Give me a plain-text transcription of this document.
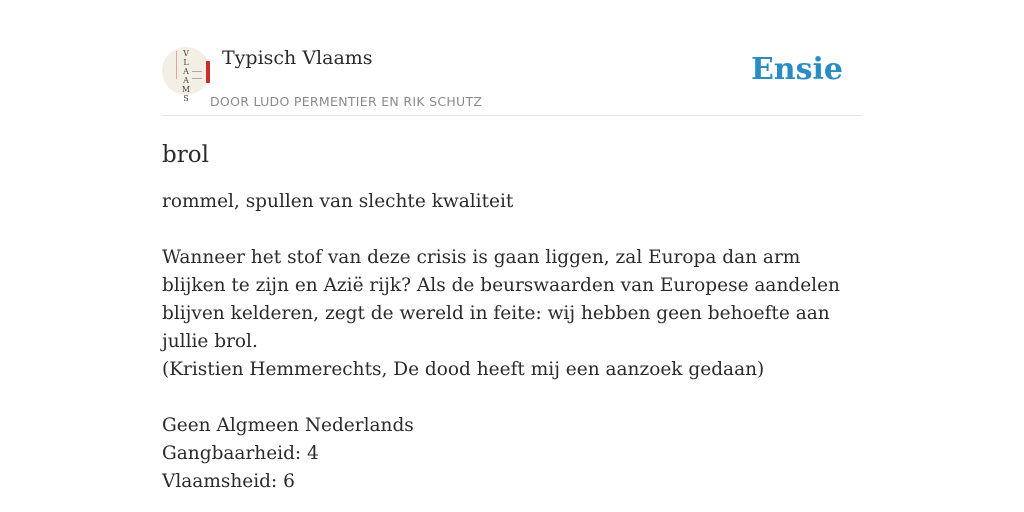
V
L
A
A
M
S
Typisch Vlaams
DOOR LUDO PERMENTIER EN RIK SCHUTZ
Ensie
brol

rommel, spullen van slechte kwaliteit

Wanneer het stof van deze crisis is gaan liggen, zal Europa dan arm blijken te zijn en Azië rijk? Als de beurswaarden van Europese aandelen blijven kelderen, zegt de wereld in feite: wij hebben geen behoefte aan jullie brol.

(Kristien Hemmerechts, De dood heeft mij een aanzoek gedaan)

Geen Algmeen Nederlands

Gangbaarheid: 4

Vlaamsheid: 6
